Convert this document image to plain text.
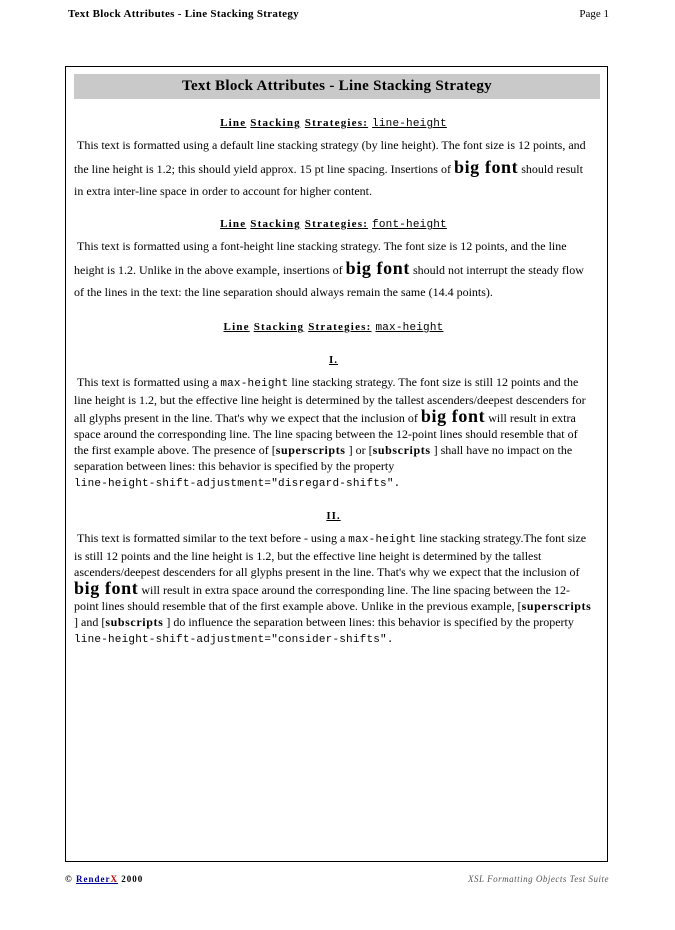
Text Block Attributes - Line Stacking Strategy	Page 1
Text Block Attributes - Line Stacking Strategy
Line Stacking Strategies: line-height

This text is formatted using a default line stacking strategy (by line height). The font size is 12 points, and the line height is 1.2; this should yield approx. 15 pt line spacing. Insertions of big font should result in extra inter-line space in order to account for higher content.

Line Stacking Strategies: font-height

This text is formatted using a font-height line stacking strategy. The font size is 12 points, and the line height is 1.2. Unlike in the above example, insertions of big font should not interrupt the steady flow of the lines in the text: the line separation should always remain the same (14.4 points).

Line Stacking Strategies: max-height
I.

This text is formatted using a max-height line stacking strategy. The font size is still 12 points and the line height is 1.2, but the effective line height is determined by the tallest ascenders/deepest descenders for all glyphs present in the line. That's why we expect that the inclusion of big font will result in extra space around the corresponding line. The line spacing between the 12-point lines should resemble that of the first example above. The presence of [superscripts ] or [subscripts ] shall have no impact on the separation between lines: this behavior is specified by the property
line-height-shift-adjustment="disregard-shifts".

II.

This text is formatted similar to the text before - using a max-height line stacking strategy.The font size is still 12 points and the line height is 1.2, but the effective line height is determined by the tallest ascenders/deepest descenders for all glyphs present in the line. That's why we expect that the inclusion of big font will result in extra space around the corresponding line. The line spacing between the 12-point lines should resemble that of the first example above. Unlike in the previous example, [superscripts ] and [subscripts ] do influence the separation between lines: this behavior is specified by the property
line-height-shift-adjustment="consider-shifts".

© RenderX 2000	XSL Formatting Objects Test Suite
